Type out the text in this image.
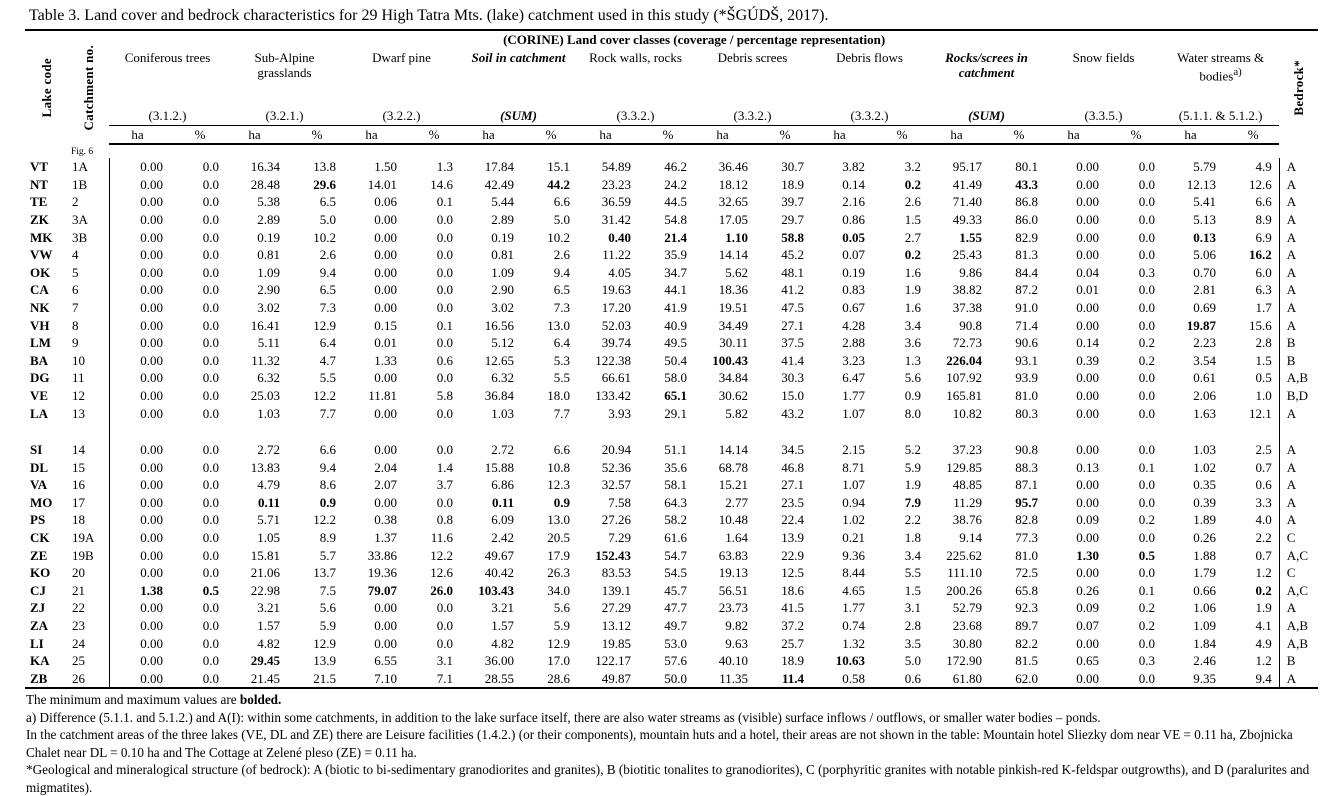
Table 3. Land cover and bedrock characteristics for 29 High Tatra Mts. (lake) catchment used in this study (*ŠGÚDŠ, 2017).
Lake code	Catchment no.	(CORINE) Land cover classes (coverage / percentage representation)																				Bedrock*

		Coniferous trees		Sub-Alpine grasslands		Dwarf pine		Soil in catchment		Rock walls, rocks		Debris screes		Debris flows		Rocks/screes in catchment		Snow fields		Water streams & bodies$^{a)}$
		(3.1.2.)		(3.2.1.)		(3.2.2.)		(SUM)		(3.3.2.)		(3.3.2.)		(3.3.2.)		(SUM)		(3.3.5.)		(5.1.1. & 5.1.2.)		
		ha	%	ha	%	ha	%	ha	%	ha	%	ha	%	ha	%	ha	%	ha	%	ha	%	
	Fig. 6																					
VT	1A	0.00	0.0	16.34	13.8	1.50	1.3	17.84	15.1	54.89	46.2	36.46	30.7	3.82	3.2	95.17	80.1	0.00	0.0	5.79	4.9	A
NT	1B	0.00	0.0	28.48	29.6	14.01	14.6	42.49	44.2	23.23	24.2	18.12	18.9	0.14	0.2	41.49	43.3	0.00	0.0	12.13	12.6	A
TE	2	0.00	0.0	5.38	6.5	0.06	0.1	5.44	6.6	36.59	44.5	32.65	39.7	2.16	2.6	71.40	86.8	0.00	0.0	5.41	6.6	A
ZK	3A	0.00	0.0	2.89	5.0	0.00	0.0	2.89	5.0	31.42	54.8	17.05	29.7	0.86	1.5	49.33	86.0	0.00	0.0	5.13	8.9	A
MK	3B	0.00	0.0	0.19	10.2	0.00	0.0	0.19	10.2	0.40	21.4	1.10	58.8	0.05	2.7	1.55	82.9	0.00	0.0	0.13	6.9	A
VW	4	0.00	0.0	0.81	2.6	0.00	0.0	0.81	2.6	11.22	35.9	14.14	45.2	0.07	0.2	25.43	81.3	0.00	0.0	5.06	16.2	A
OK	5	0.00	0.0	1.09	9.4	0.00	0.0	1.09	9.4	4.05	34.7	5.62	48.1	0.19	1.6	9.86	84.4	0.04	0.3	0.70	6.0	A
CA	6	0.00	0.0	2.90	6.5	0.00	0.0	2.90	6.5	19.63	44.1	18.36	41.2	0.83	1.9	38.82	87.2	0.01	0.0	2.81	6.3	A
NK	7	0.00	0.0	3.02	7.3	0.00	0.0	3.02	7.3	17.20	41.9	19.51	47.5	0.67	1.6	37.38	91.0	0.00	0.0	0.69	1.7	A
VH	8	0.00	0.0	16.41	12.9	0.15	0.1	16.56	13.0	52.03	40.9	34.49	27.1	4.28	3.4	90.8	71.4	0.00	0.0	19.87	15.6	A
LM	9	0.00	0.0	5.11	6.4	0.01	0.0	5.12	6.4	39.74	49.5	30.11	37.5	2.88	3.6	72.73	90.6	0.14	0.2	2.23	2.8	B
BA	10	0.00	0.0	11.32	4.7	1.33	0.6	12.65	5.3	122.38	50.4	100.43	41.4	3.23	1.3	226.04	93.1	0.39	0.2	3.54	1.5	B
DG	11	0.00	0.0	6.32	5.5	0.00	0.0	6.32	5.5	66.61	58.0	34.84	30.3	6.47	5.6	107.92	93.9	0.00	0.0	0.61	0.5	A,B
VE	12	0.00	0.0	25.03	12.2	11.81	5.8	36.84	18.0	133.42	65.1	30.62	15.0	1.77	0.9	165.81	81.0	0.00	0.0	2.06	1.0	B,D
LA	13	0.00	0.0	1.03	7.7	0.00	0.0	1.03	7.7	3.93	29.1	5.82	43.2	1.07	8.0	10.82	80.3	0.00	0.0	1.63	12.1	A

SI	14	0.00	0.0	2.72	6.6	0.00	0.0	2.72	6.6	20.94	51.1	14.14	34.5	2.15	5.2	37.23	90.8	0.00	0.0	1.03	2.5	A
DL	15	0.00	0.0	13.83	9.4	2.04	1.4	15.88	10.8	52.36	35.6	68.78	46.8	8.71	5.9	129.85	88.3	0.13	0.1	1.02	0.7	A
VA	16	0.00	0.0	4.79	8.6	2.07	3.7	6.86	12.3	32.57	58.1	15.21	27.1	1.07	1.9	48.85	87.1	0.00	0.0	0.35	0.6	A
MO	17	0.00	0.0	0.11	0.9	0.00	0.0	0.11	0.9	7.58	64.3	2.77	23.5	0.94	7.9	11.29	95.7	0.00	0.0	0.39	3.3	A
PS	18	0.00	0.0	5.71	12.2	0.38	0.8	6.09	13.0	27.26	58.2	10.48	22.4	1.02	2.2	38.76	82.8	0.09	0.2	1.89	4.0	A
CK	19A	0.00	0.0	1.05	8.9	1.37	11.6	2.42	20.5	7.29	61.6	1.64	13.9	0.21	1.8	9.14	77.3	0.00	0.0	0.26	2.2	C
ZE	19B	0.00	0.0	15.81	5.7	33.86	12.2	49.67	17.9	152.43	54.7	63.83	22.9	9.36	3.4	225.62	81.0	1.30	0.5	1.88	0.7	A,C
KO	20	0.00	0.0	21.06	13.7	19.36	12.6	40.42	26.3	83.53	54.5	19.13	12.5	8.44	5.5	111.10	72.5	0.00	0.0	1.79	1.2	C
CJ	21	1.38	0.5	22.98	7.5	79.07	26.0	103.43	34.0	139.1	45.7	56.51	18.6	4.65	1.5	200.26	65.8	0.26	0.1	0.66	0.2	A,C
ZJ	22	0.00	0.0	3.21	5.6	0.00	0.0	3.21	5.6	27.29	47.7	23.73	41.5	1.77	3.1	52.79	92.3	0.09	0.2	1.06	1.9	A
ZA	23	0.00	0.0	1.57	5.9	0.00	0.0	1.57	5.9	13.12	49.7	9.82	37.2	0.74	2.8	23.68	89.7	0.07	0.2	1.09	4.1	A,B
LI	24	0.00	0.0	4.82	12.9	0.00	0.0	4.82	12.9	19.85	53.0	9.63	25.7	1.32	3.5	30.80	82.2	0.00	0.0	1.84	4.9	A,B
KA	25	0.00	0.0	29.45	13.9	6.55	3.1	36.00	17.0	122.17	57.6	40.10	18.9	10.63	5.0	172.90	81.5	0.65	0.3	2.46	1.2	B
ZB	26	0.00	0.0	21.45	21.5	7.10	7.1	28.55	28.6	49.87	50.0	11.35	11.4	0.58	0.6	61.80	62.0	0.00	0.0	9.35	9.4	A

The minimum and maximum values are bolded.

a) Difference (5.1.1. and 5.1.2.) and A(I): within some catchments, in addition to the lake surface itself, there are also water streams as (visible) surface inflows / outflows, or smaller water bodies – ponds.

In the catchment areas of the three lakes (VE, DL and ZE) there are Leisure facilities (1.4.2.) (or their components), mountain huts and a hotel, their areas are not shown in the table: Mountain hotel Sliezky dom near VE = 0.11 ha, Zbojnicka Chalet near DL = 0.10 ha and The Cottage at Zelené pleso (ZE) = 0.11 ha.

*Geological and mineralogical structure (of bedrock): A (biotic to bi-sedimentary granodiorites and granites), B (biotitic tonalites to granodiorites), C (porphyritic granites with notable pinkish-red K-feldspar outgrowths), and D (paralurites and migmatites).
